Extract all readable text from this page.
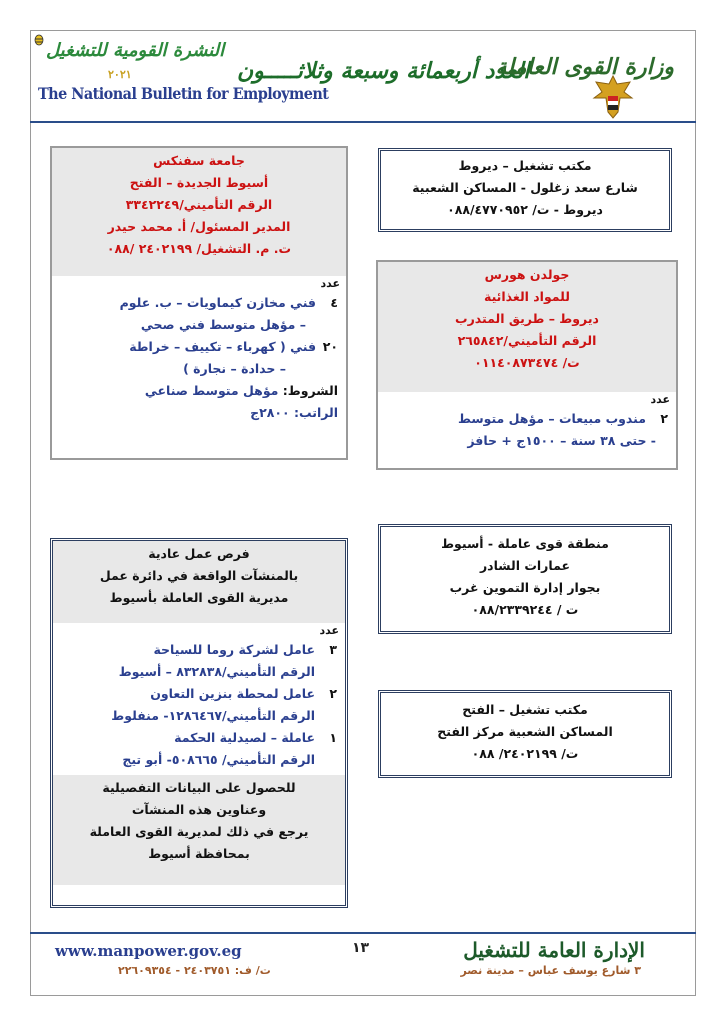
النشرة القومية للتشغيل
٢٠٢١
The National Bulletin for Employment
العدد أربعمائة وسبعة وثلاثـــــون
وزارة القوى العاملة
مكتب تشغيل – ديروط
شارع سعد زغلول - المساكن الشعبية
ديروط - ت/ ٠٨٨/٤٧٧٠٩٥٢
جامعة سفنكس
أسيوط الجديدة – الفتح
الرقم التأميني/٣٣٤٢٢٤٩
المدير المسئول/ أ. محمد حيدر
ت. م. التشغيل/ ٢٤٠٢١٩٩ /٠٨٨
عدد
٤فني مخازن كيماويات – ب. علوم
– مؤهل متوسط فني صحي
٢٠فني ( كهرباء – تكييف – خراطة
– حدادة – نجارة )
الشروط: مؤهل متوسط صناعي
الراتب: ٢٨٠٠ج
جولدن هورس
للمواد الغذائية
ديروط – طريق المتدرب
الرقم التأميني/٢٦٥٨٤٢
ت/ ٠١١٤٠٨٧٣٤٧٤
عدد
٢مندوب مبيعات – مؤهل متوسط
- حتى ٣٨ سنة – ١٥٠٠ج + حافز
منطقة قوى عاملة - أسيوط
عمارات الشادر
بجوار إدارة التموين غرب
ت / ٠٨٨/٢٣٣٩٢٤٤
مكتب تشغيل – الفتح
المساكن الشعبية مركز الفتح
ت/ ٢٤٠٢١٩٩/ ٠٨٨
فرص عمل عادية
بالمنشآت الواقعة في دائرة عمل
مديرية القوى العاملة بأسيوط
عدد
٣عامل لشركة روما للسياحة
الرقم التأميني/٨٣٢٨٣٨ – أسيوط
٢عامل لمحطة بنزين التعاون
الرقم التأميني/١٢٨٦٤٦٧- منفلوط
١عاملة – لصيدلية الحكمة
الرقم التأميني/ ٥٠٨٦٦٥- أبو تيج
للحصول على البيانات التفصيلية
وعناوين هذه المنشآت
يرجع في ذلك لمديرية القوى العاملة
بمحافظة أسيوط
١٣	الإدارة العامة للتشغيل
٣ شارع يوسف عباس – مدينة نصر
www.manpower.gov.eg
ت/ ف: ٢٤٠٣٧٥١ - ٢٢٦٠٩٣٥٤
